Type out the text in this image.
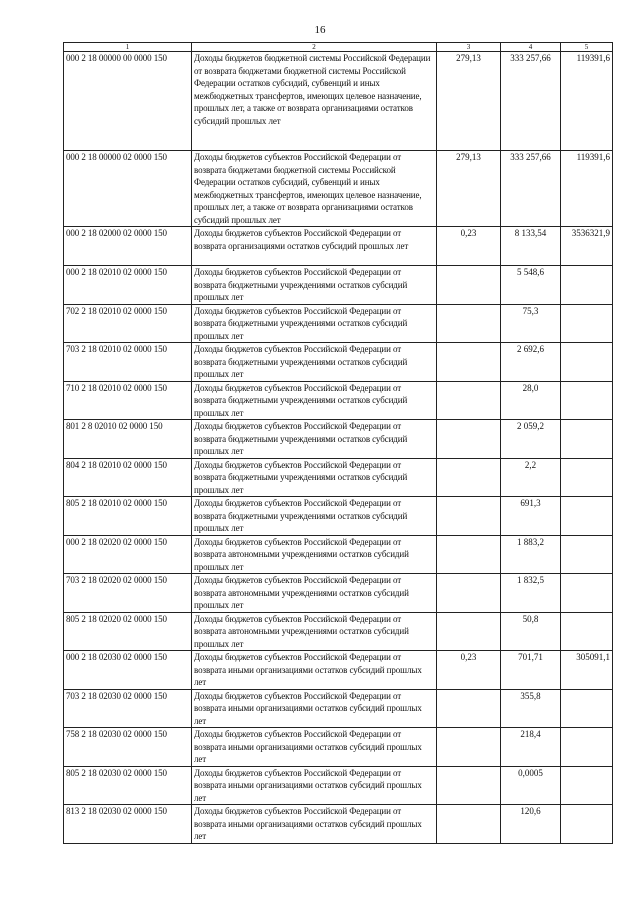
16
1	2	3	4	5
000 2 18 00000 00 0000 150	Доходы бюджетов бюджетной системы Российской Федерации от возврата бюджетами бюджетной системы Российской Федерации остатков субсидий, субвенций и иных межбюджетных трансфертов, имеющих целевое назначение, прошлых лет, а также от возврата организациями остатков субсидий прошлых лет	279,13	333 257,66	119391,6
000 2 18 00000 02 0000 150	Доходы бюджетов субъектов Российской Федерации от возврата бюджетами бюджетной системы Российской Федерации остатков субсидий, субвенций и иных межбюджетных трансфертов, имеющих целевое назначение, прошлых лет, а также от возврата организациями остатков субсидий прошлых лет	279,13	333 257,66	119391,6
000 2 18 02000 02 0000 150	Доходы бюджетов субъектов Российской Федерации от возврата организациями остатков субсидий прошлых лет	0,23	8 133,54	3536321,9
000 2 18 02010 02 0000 150	Доходы бюджетов субъектов Российской Федерации от возврата бюджетными учреждениями остатков субсидий прошлых лет		5 548,6	
702 2 18 02010 02 0000 150	Доходы бюджетов субъектов Российской Федерации от возврата бюджетными учреждениями остатков субсидий прошлых лет		75,3	
703 2 18 02010 02 0000 150	Доходы бюджетов субъектов Российской Федерации от возврата бюджетными учреждениями остатков субсидий прошлых лет		2 692,6	
710 2 18 02010 02 0000 150	Доходы бюджетов субъектов Российской Федерации от возврата бюджетными учреждениями остатков субсидий прошлых лет		28,0	
801 2 8 02010 02 0000 150	Доходы бюджетов субъектов Российской Федерации от возврата бюджетными учреждениями остатков субсидий прошлых лет		2 059,2	
804 2 18 02010 02 0000 150	Доходы бюджетов субъектов Российской Федерации от возврата бюджетными учреждениями остатков субсидий прошлых лет		2,2	
805 2 18 02010 02 0000 150	Доходы бюджетов субъектов Российской Федерации от возврата бюджетными учреждениями остатков субсидий прошлых лет		691,3	
000 2 18 02020 02 0000 150	Доходы бюджетов субъектов Российской Федерации от возврата автономными учреждениями остатков субсидий прошлых лет		1 883,2	
703 2 18 02020 02 0000 150	Доходы бюджетов субъектов Российской Федерации от возврата автономными учреждениями остатков субсидий прошлых лет		1 832,5	
805 2 18 02020 02 0000 150	Доходы бюджетов субъектов Российской Федерации от возврата автономными учреждениями остатков субсидий прошлых лет		50,8	
000 2 18 02030 02 0000 150	Доходы бюджетов субъектов Российской Федерации от возврата иными организациями остатков субсидий прошлых лет	0,23	701,71	305091,1
703 2 18 02030 02 0000 150	Доходы бюджетов субъектов Российской Федерации от возврата иными организациями остатков субсидий прошлых лет		355,8	
758 2 18 02030 02 0000 150	Доходы бюджетов субъектов Российской Федерации от возврата иными организациями остатков субсидий прошлых лет		218,4	
805 2 18 02030 02 0000 150	Доходы бюджетов субъектов Российской Федерации от возврата иными организациями остатков субсидий прошлых лет		0,0005	
813 2 18 02030 02 0000 150	Доходы бюджетов субъектов Российской Федерации от возврата иными организациями остатков субсидий прошлых лет		120,6	
